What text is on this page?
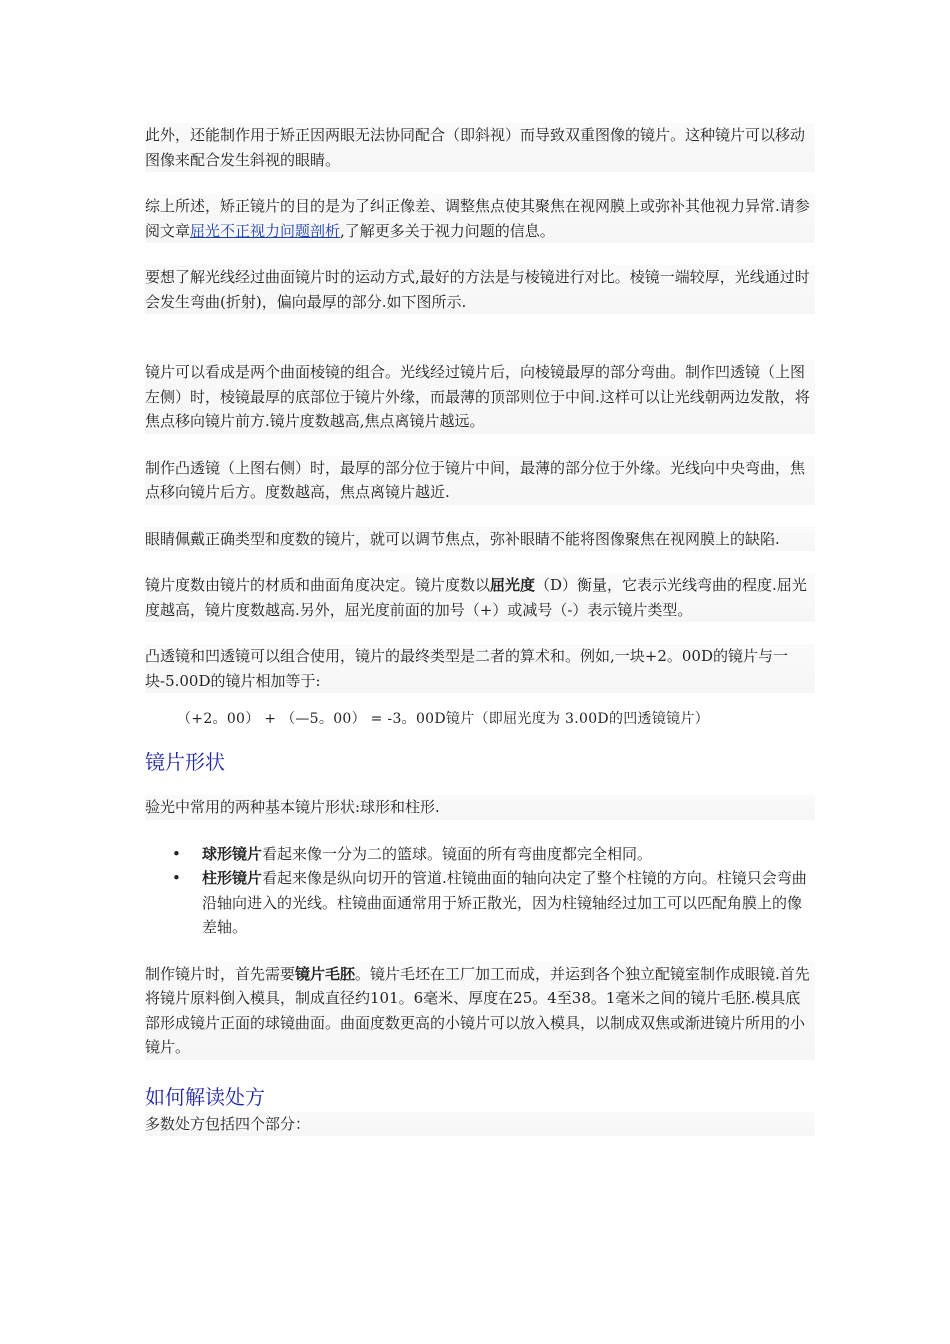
此外，还能制作用于矫正因两眼无法协同配合（即斜视）而导致双重图像的镜片。这种镜片可以移动图像来配合发生斜视的眼睛。

综上所述，矫正镜片的目的是为了纠正像差、调整焦点使其聚焦在视网膜上或弥补其他视力异常.请参阅文章屈光不正视力问题剖析,了解更多关于视力问题的信息。

要想了解光线经过曲面镜片时的运动方式,最好的方法是与棱镜进行对比。棱镜一端较厚，光线通过时会发生弯曲(折射)，偏向最厚的部分.如下图所示.

镜片可以看成是两个曲面棱镜的组合。光线经过镜片后，向棱镜最厚的部分弯曲。制作凹透镜（上图左侧）时，棱镜最厚的底部位于镜片外缘，而最薄的顶部则位于中间.这样可以让光线朝两边发散，将焦点移向镜片前方.镜片度数越高,焦点离镜片越远。

制作凸透镜（上图右侧）时，最厚的部分位于镜片中间，最薄的部分位于外缘。光线向中央弯曲，焦点移向镜片后方。度数越高，焦点离镜片越近.

眼睛佩戴正确类型和度数的镜片，就可以调节焦点，弥补眼睛不能将图像聚焦在视网膜上的缺陷.

镜片度数由镜片的材质和曲面角度决定。镜片度数以屈光度（D）衡量，它表示光线弯曲的程度.屈光度越高，镜片度数越高.另外，屈光度前面的加号（+）或减号（-）表示镜片类型。

凸透镜和凹透镜可以组合使用，镜片的最终类型是二者的算术和。例如,一块+2。00D的镜片与一块-5.00D的镜片相加等于:

（+2。00） + （—5。00） = -3。00D镜片（即屈光度为 3.00D的凹透镜镜片）

镜片形状

验光中常用的两种基本镜片形状:球形和柱形.

• 球形镜片看起来像一分为二的篮球。镜面的所有弯曲度都完全相同。
• 柱形镜片看起来像是纵向切开的管道.柱镜曲面的轴向决定了整个柱镜的方向。柱镜只会弯曲沿轴向进入的光线。柱镜曲面通常用于矫正散光，因为柱镜轴经过加工可以匹配角膜上的像差轴。

制作镜片时，首先需要镜片毛胚。镜片毛坯在工厂加工而成，并运到各个独立配镜室制作成眼镜.首先将镜片原料倒入模具，制成直径约101。6毫米、厚度在25。4至38。1毫米之间的镜片毛胚.模具底部形成镜片正面的球镜曲面。曲面度数更高的小镜片可以放入模具，以制成双焦或渐进镜片所用的小镜片。

如何解读处方

多数处方包括四个部分：
